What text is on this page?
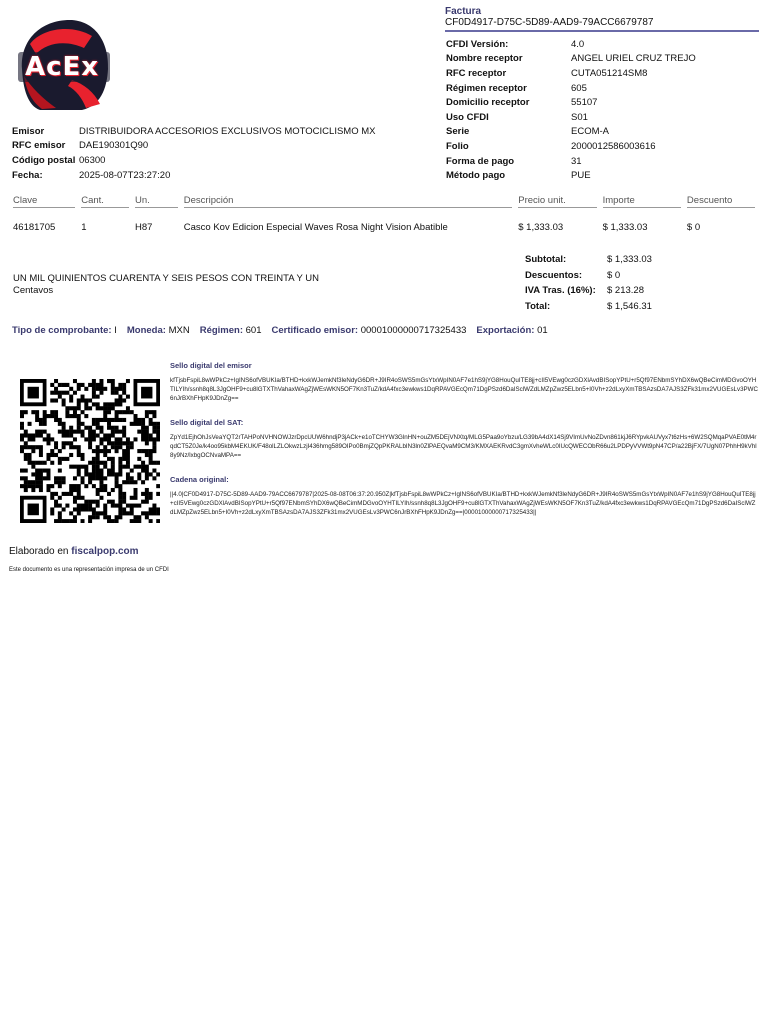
AcEx
Factura
CF0D4917-D75C-5D89-AAD9-79ACC6679787
CFDI Versión:	4.0
Nombre receptor	ANGEL URIEL CRUZ TREJO
RFC receptor	CUTA051214SM8
Régimen receptor	605
Domicilio receptor	55107
Uso CFDI	S01
Serie	ECOM-A
Folio	2000012586003616
Forma de pago	31
Método pago	PUE
Emisor	DISTRIBUIDORA ACCESORIOS EXCLUSIVOS MOTOCICLISMO MX
RFC emisor	DAE190301Q90
Código postal	06300
Fecha:	2025-08-07T23:27:20
Clave	Cant.	Un.	Descripción	Precio unit.	Importe	Descuento

46181705	1	H87	Casco Kov Edicion Especial Waves Rosa Night Vision Abatible	$ 1,333.03	$ 1,333.03	$ 0
UN MIL QUINIENTOS CUARENTA Y SEIS PESOS CON TREINTA Y UN
Centavos
Subtotal:	$ 1,333.03
Descuentos:	$ 0
IVA Tras. (16%):	$ 213.28
Total:	$ 1,546.31
Tipo de comprobante: I Moneda: MXN Régimen: 601 Certificado emisor: 00001000000717325433 Exportación: 01
Sello digital del emisor
kfTjsbFspiL8wWPkCz+IgINS6ofVBUKIa/BTHD+kxkWJemkNf3leNdyG6DR+J9IR4oSWS5mGsYtxWpIN0AF7e1hS9jYG8HouQuITE8jj+cII5VEwg0czGDXlAvdBISopYPtU+r5Qf97ENbmSYhDX6wQBeCimMDGvoOYHTILYIh/ssnh8q8L3JgOHF9+cu8lGTXThVahaxWAgZjWEsWKN5OF7Kn3TuZ/kdA4fxc3ewkws1DqRPAVGEcQm71DgPSzd6DaISclWZdLMZpZwz5ELbn5+I0Vh+z2dLxyXmTBSAzsDA7AJS3ZFk31mx2VUGEsLv3PWC6nJrBXhFHpK9JDnZg==
Sello digital del SAT:
ZpYd1EjhOhJsVeaYQT2rTAHPoNVHNOWJzrDpcUUW6hndjP3jACk+e1oTCHYW3GlnHN+ouZM5DEjVNXtq/MLG5Paa9oYbzu/LG39bA4dX14Sj9VImUvNoZDvn861kjJ6RYpvkAUVyx7t6zHs+6W2SQMqaPVAE0tM4rqdCT5Z0Je/k4oo95kbM4EKUK/F48olLZLOkwzLzjI436hmg589OIPo0BmjZQpPKRALbIN3ln0ZlPAEQvaM9CM3/KMXAEKRvdC3gmXvheWLc0IUcQWECObR66u2LPDPyVVWt9pN47CP/a22BjFX/7UgN07PhhH9kVhl8y9Nz/lxbgOCNvaMPA==
Cadena original:
||4.0|CF0D4917-D75C-5D89-AAD9-79ACC6679787|2025-08-08T06:37:20.950Z|kfTjsbFspiL8wWPkCz+IgINS6ofVBUKIa/BTHD+kxkWJemkNf3leNdyG6DR+J9IR4oSWS5mGsYtxWpIN0AF7e1hS9jYG8HouQuITE8jj+cII5VEwg0czGDXlAvdBISopYPtU+r5Qf97ENbmSYhDX6wQBeCimMDGvoOYHTILYIh/ssnh8q8L3JgOHF9+cu8lGTXThVahaxWAgZjWEsWKN5OF7Kn3TuZ/kdA4fxc3ewkws1DqRPAVGEcQm71DgPSzd6DaISclWZdLMZpZwz5ELbn5+I0Vh+z2dLxyXmTBSAzsDA7AJS3ZFk31mx2VUGEsLv3PWC6nJrBXhFHpK9JDnZg==|00001000000717325433||
Elaborado en fiscalpop.com
Este documento es una representación impresa de un CFDI
